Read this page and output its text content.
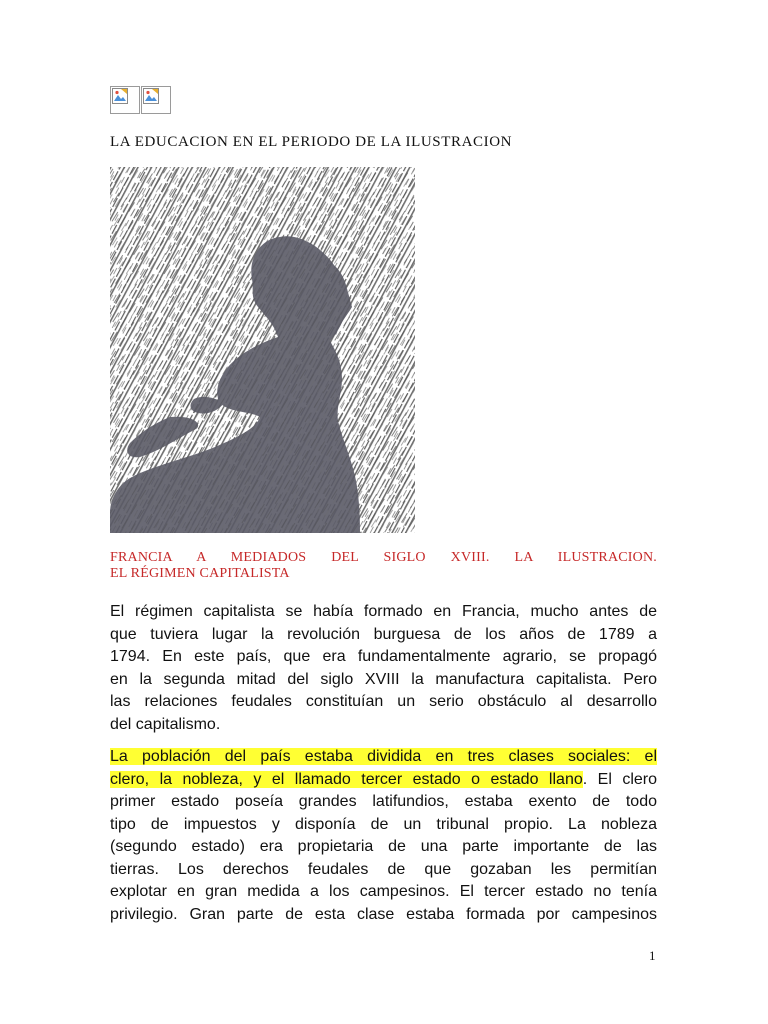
LA EDUCACION EN EL PERIODO DE LA ILUSTRACION
FRANCIA A MEDIADOS DEL SIGLO XVIII. LA ILUSTRACION.
EL RÉGIMEN CAPITALISTA
El régimen capitalista se había formado en Francia, mucho antes de
que tuviera lugar la revolución burguesa de los años de 1789 a
1794. En este país, que era fundamentalmente agrario, se propagó
en la segunda mitad del siglo XVIII la manufactura capitalista. Pero
las relaciones feudales constituían un serio obstáculo al desarrollo
del capitalismo.
La población del país estaba dividida en tres clases sociales: el
clero, la nobleza, y el llamado tercer estado o estado llano. El clero
primer estado poseía grandes latifundios, estaba exento de todo
tipo de impuestos y disponía de un tribunal propio. La nobleza
(segundo estado) era propietaria de una parte importante de las
tierras. Los derechos feudales de que gozaban les permitían
explotar en gran medida a los campesinos. El tercer estado no tenía
privilegio. Gran parte de esta clase estaba formada por campesinos
1
